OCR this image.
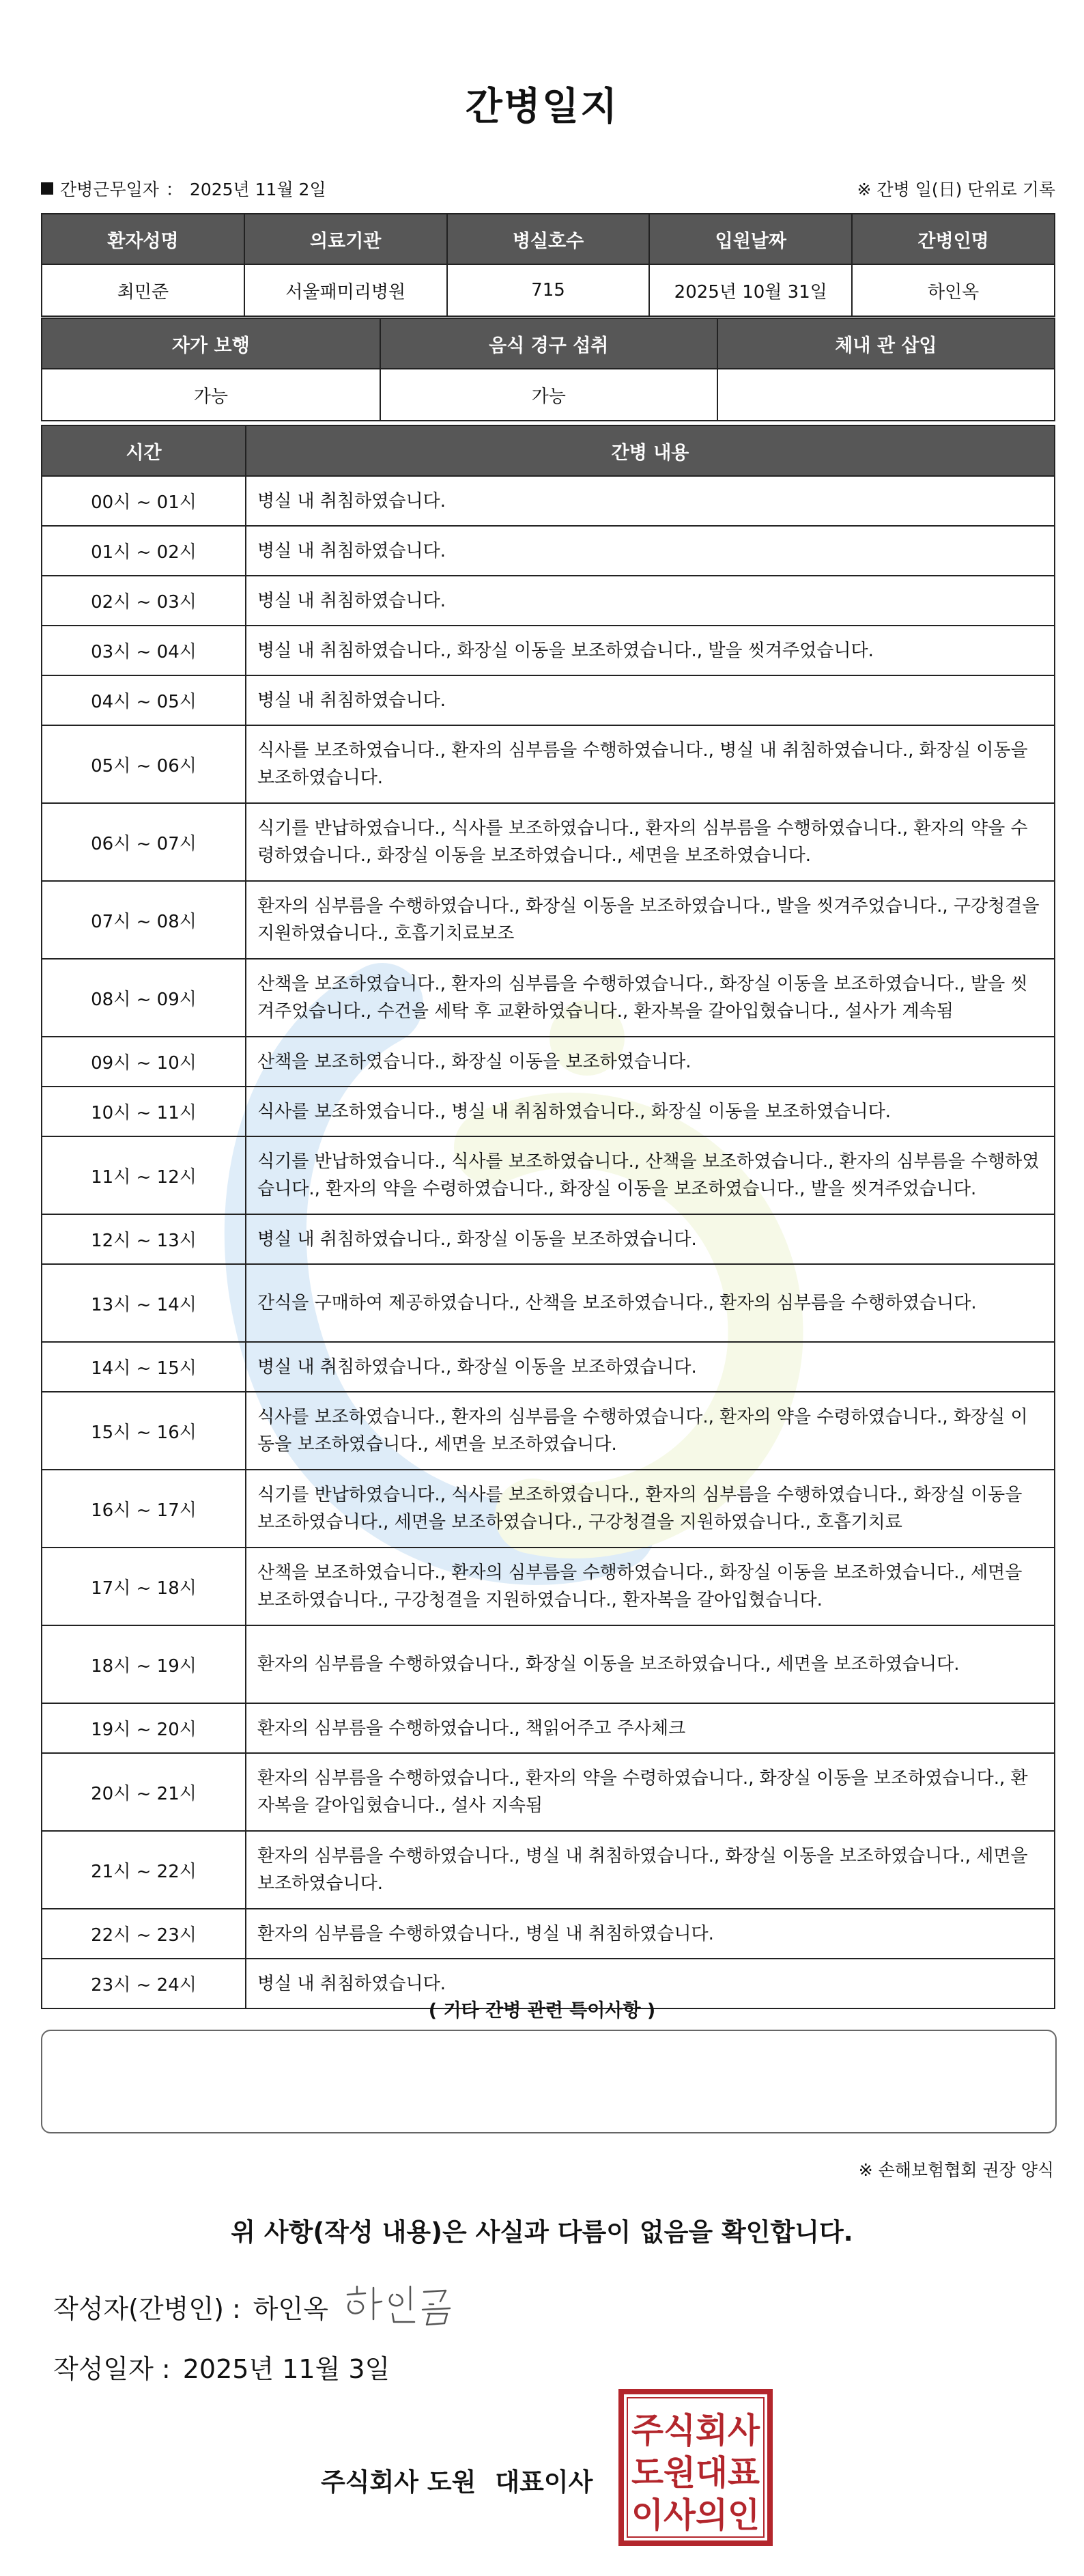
간병일지
간병근무일자 ： 2025년 11월 2일	※ 간병 일(日) 단위로 기록
환자성명	의료기관	병실호수	입원날짜	간병인명
최민준	서울패미리병원	715	2025년 10월 31일	하인옥
자가 보행	음식 경구 섭취	체내 관 삽입
가능	가능	
시간	간병 내용
00시 ~ 01시	병실 내 취침하였습니다.
01시 ~ 02시	병실 내 취침하였습니다.
02시 ~ 03시	병실 내 취침하였습니다.
03시 ~ 04시	병실 내 취침하였습니다., 화장실 이동을 보조하였습니다., 발을 씻겨주었습니다.
04시 ~ 05시	병실 내 취침하였습니다.
05시 ~ 06시	식사를 보조하였습니다., 환자의 심부름을 수행하였습니다., 병실 내 취침하였습니다., 화장실 이동을 보조하였습니다.
06시 ~ 07시	식기를 반납하였습니다., 식사를 보조하였습니다., 환자의 심부름을 수행하였습니다., 환자의 약을 수령하였습니다., 화장실 이동을 보조하였습니다., 세면을 보조하였습니다.
07시 ~ 08시	환자의 심부름을 수행하였습니다., 화장실 이동을 보조하였습니다., 발을 씻겨주었습니다., 구강청결을 지원하였습니다., 호흡기치료보조
08시 ~ 09시	산책을 보조하였습니다., 환자의 심부름을 수행하였습니다., 화장실 이동을 보조하였습니다., 발을 씻겨주었습니다., 수건을 세탁 후 교환하였습니다., 환자복을 갈아입혔습니다., 설사가 계속됨
09시 ~ 10시	산책을 보조하였습니다., 화장실 이동을 보조하였습니다.
10시 ~ 11시	식사를 보조하였습니다., 병실 내 취침하였습니다., 화장실 이동을 보조하였습니다.
11시 ~ 12시	식기를 반납하였습니다., 식사를 보조하였습니다., 산책을 보조하였습니다., 환자의 심부름을 수행하였습니다., 환자의 약을 수령하였습니다., 화장실 이동을 보조하였습니다., 발을 씻겨주었습니다.
12시 ~ 13시	병실 내 취침하였습니다., 화장실 이동을 보조하였습니다.
13시 ~ 14시	간식을 구매하여 제공하였습니다., 산책을 보조하였습니다., 환자의 심부름을 수행하였습니다.
14시 ~ 15시	병실 내 취침하였습니다., 화장실 이동을 보조하였습니다.
15시 ~ 16시	식사를 보조하였습니다., 환자의 심부름을 수행하였습니다., 환자의 약을 수령하였습니다., 화장실 이동을 보조하였습니다., 세면을 보조하였습니다.
16시 ~ 17시	식기를 반납하였습니다., 식사를 보조하였습니다., 환자의 심부름을 수행하였습니다., 화장실 이동을 보조하였습니다., 세면을 보조하였습니다., 구강청결을 지원하였습니다., 호흡기치료
17시 ~ 18시	산책을 보조하였습니다., 환자의 심부름을 수행하였습니다., 화장실 이동을 보조하였습니다., 세면을 보조하였습니다., 구강청결을 지원하였습니다., 환자복을 갈아입혔습니다.
18시 ~ 19시	환자의 심부름을 수행하였습니다., 화장실 이동을 보조하였습니다., 세면을 보조하였습니다.
19시 ~ 20시	환자의 심부름을 수행하였습니다., 책읽어주고 주사체크
20시 ~ 21시	환자의 심부름을 수행하였습니다., 환자의 약을 수령하였습니다., 화장실 이동을 보조하였습니다., 환자복을 갈아입혔습니다., 설사 지속됨
21시 ~ 22시	환자의 심부름을 수행하였습니다., 병실 내 취침하였습니다., 화장실 이동을 보조하였습니다., 세면을 보조하였습니다.
22시 ~ 23시	환자의 심부름을 수행하였습니다., 병실 내 취침하였습니다.
23시 ~ 24시	병실 내 취침하였습니다.
( 기타 간병 관련 특이사항 )
※ 손해보험협회 권장 양식
위 사항(작성 내용)은 사실과 다름이 없음을 확인합니다.
작성자(간병인) : 하인옥
작성일자 : 2025년 11월 3일
주식회사 도원 대표이사
주식회사
도원대표
이사의인
